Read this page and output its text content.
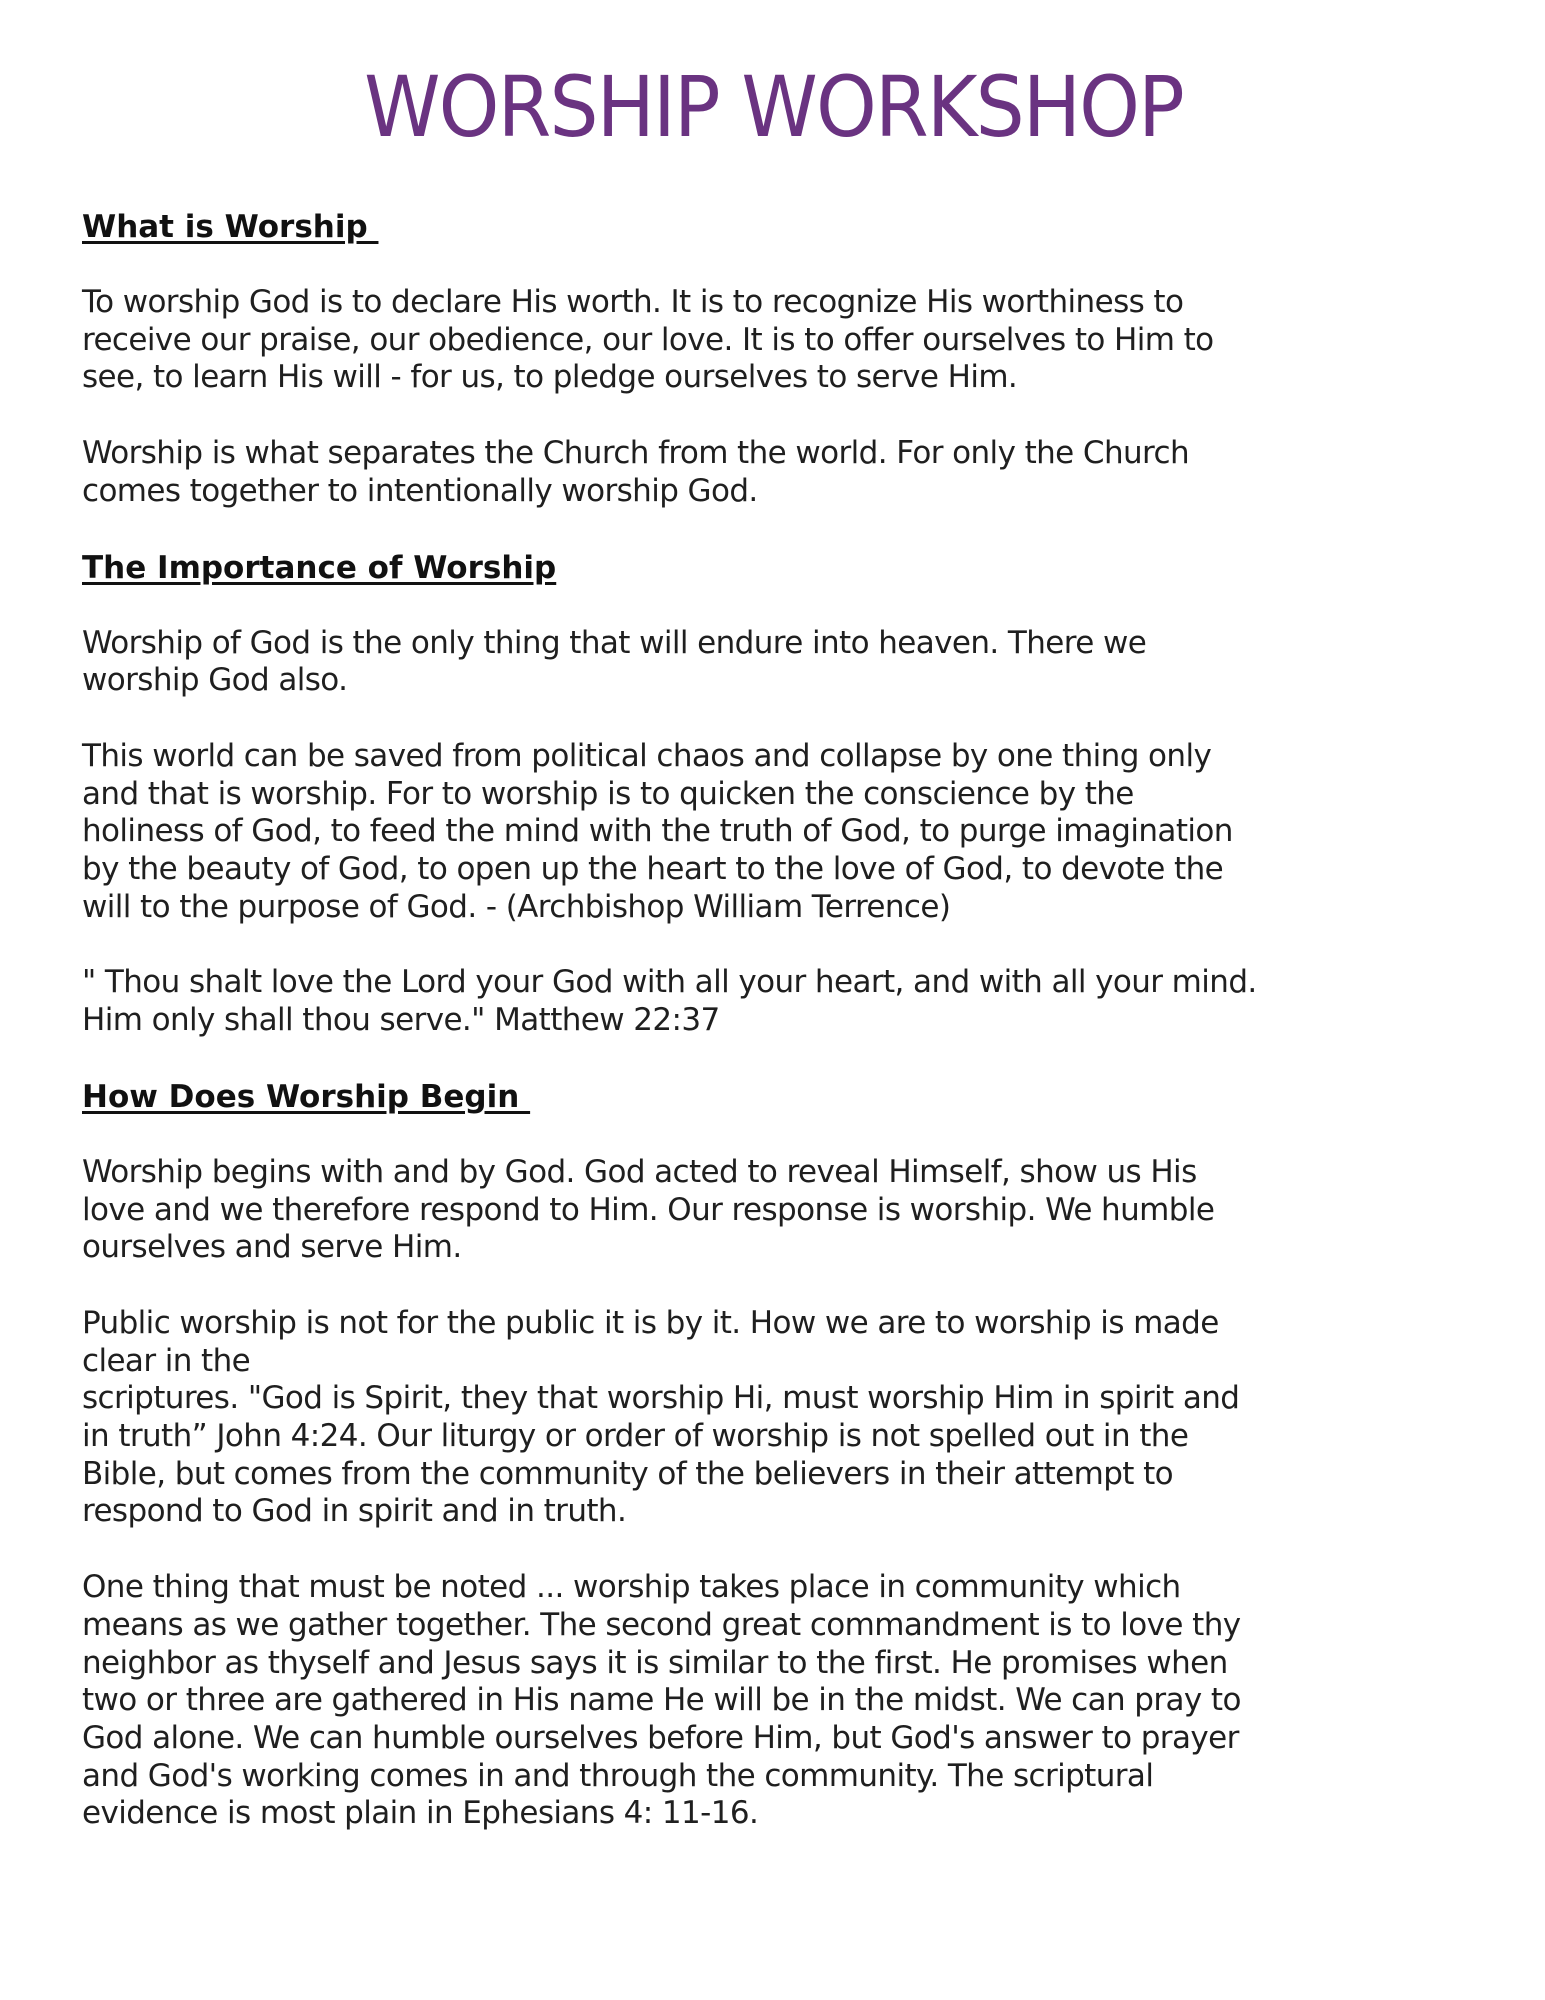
WORSHIP WORKSHOP
What is Worship

To worship God is to declare His worth. It is to recognize His worthiness to
receive our praise, our obedience, our love. It is to offer ourselves to Him to
see, to learn His will - for us, to pledge ourselves to serve Him.

Worship is what separates the Church from the world. For only the Church
comes together to intentionally worship God.

The Importance of Worship

Worship of God is the only thing that will endure into heaven. There we
worship God also.

This world can be saved from political chaos and collapse by one thing only
and that is worship. For to worship is to quicken the conscience by the
holiness of God, to feed the mind with the truth of God, to purge imagination
by the beauty of God, to open up the heart to the love of God, to devote the
will to the purpose of God. - (Archbishop William Terrence)

" Thou shalt love the Lord your God with all your heart, and with all your mind.
Him only shall thou serve." Matthew 22:37

How Does Worship Begin

Worship begins with and by God. God acted to reveal Himself, show us His
love and we therefore respond to Him. Our response is worship. We humble
ourselves and serve Him.

Public worship is not for the public it is by it. How we are to worship is made
clear in the
scriptures. "God is Spirit, they that worship Hi, must worship Him in spirit and
in truth” John 4:24. Our liturgy or order of worship is not spelled out in the
Bible, but comes from the community of the believers in their attempt to
respond to God in spirit and in truth.

One thing that must be noted ... worship takes place in community which
means as we gather together. The second great commandment is to love thy
neighbor as thyself and Jesus says it is similar to the first. He promises when
two or three are gathered in His name He will be in the midst. We can pray to
God alone. We can humble ourselves before Him, but God's answer to prayer
and God's working comes in and through the community. The scriptural
evidence is most plain in Ephesians 4: 11-16.
